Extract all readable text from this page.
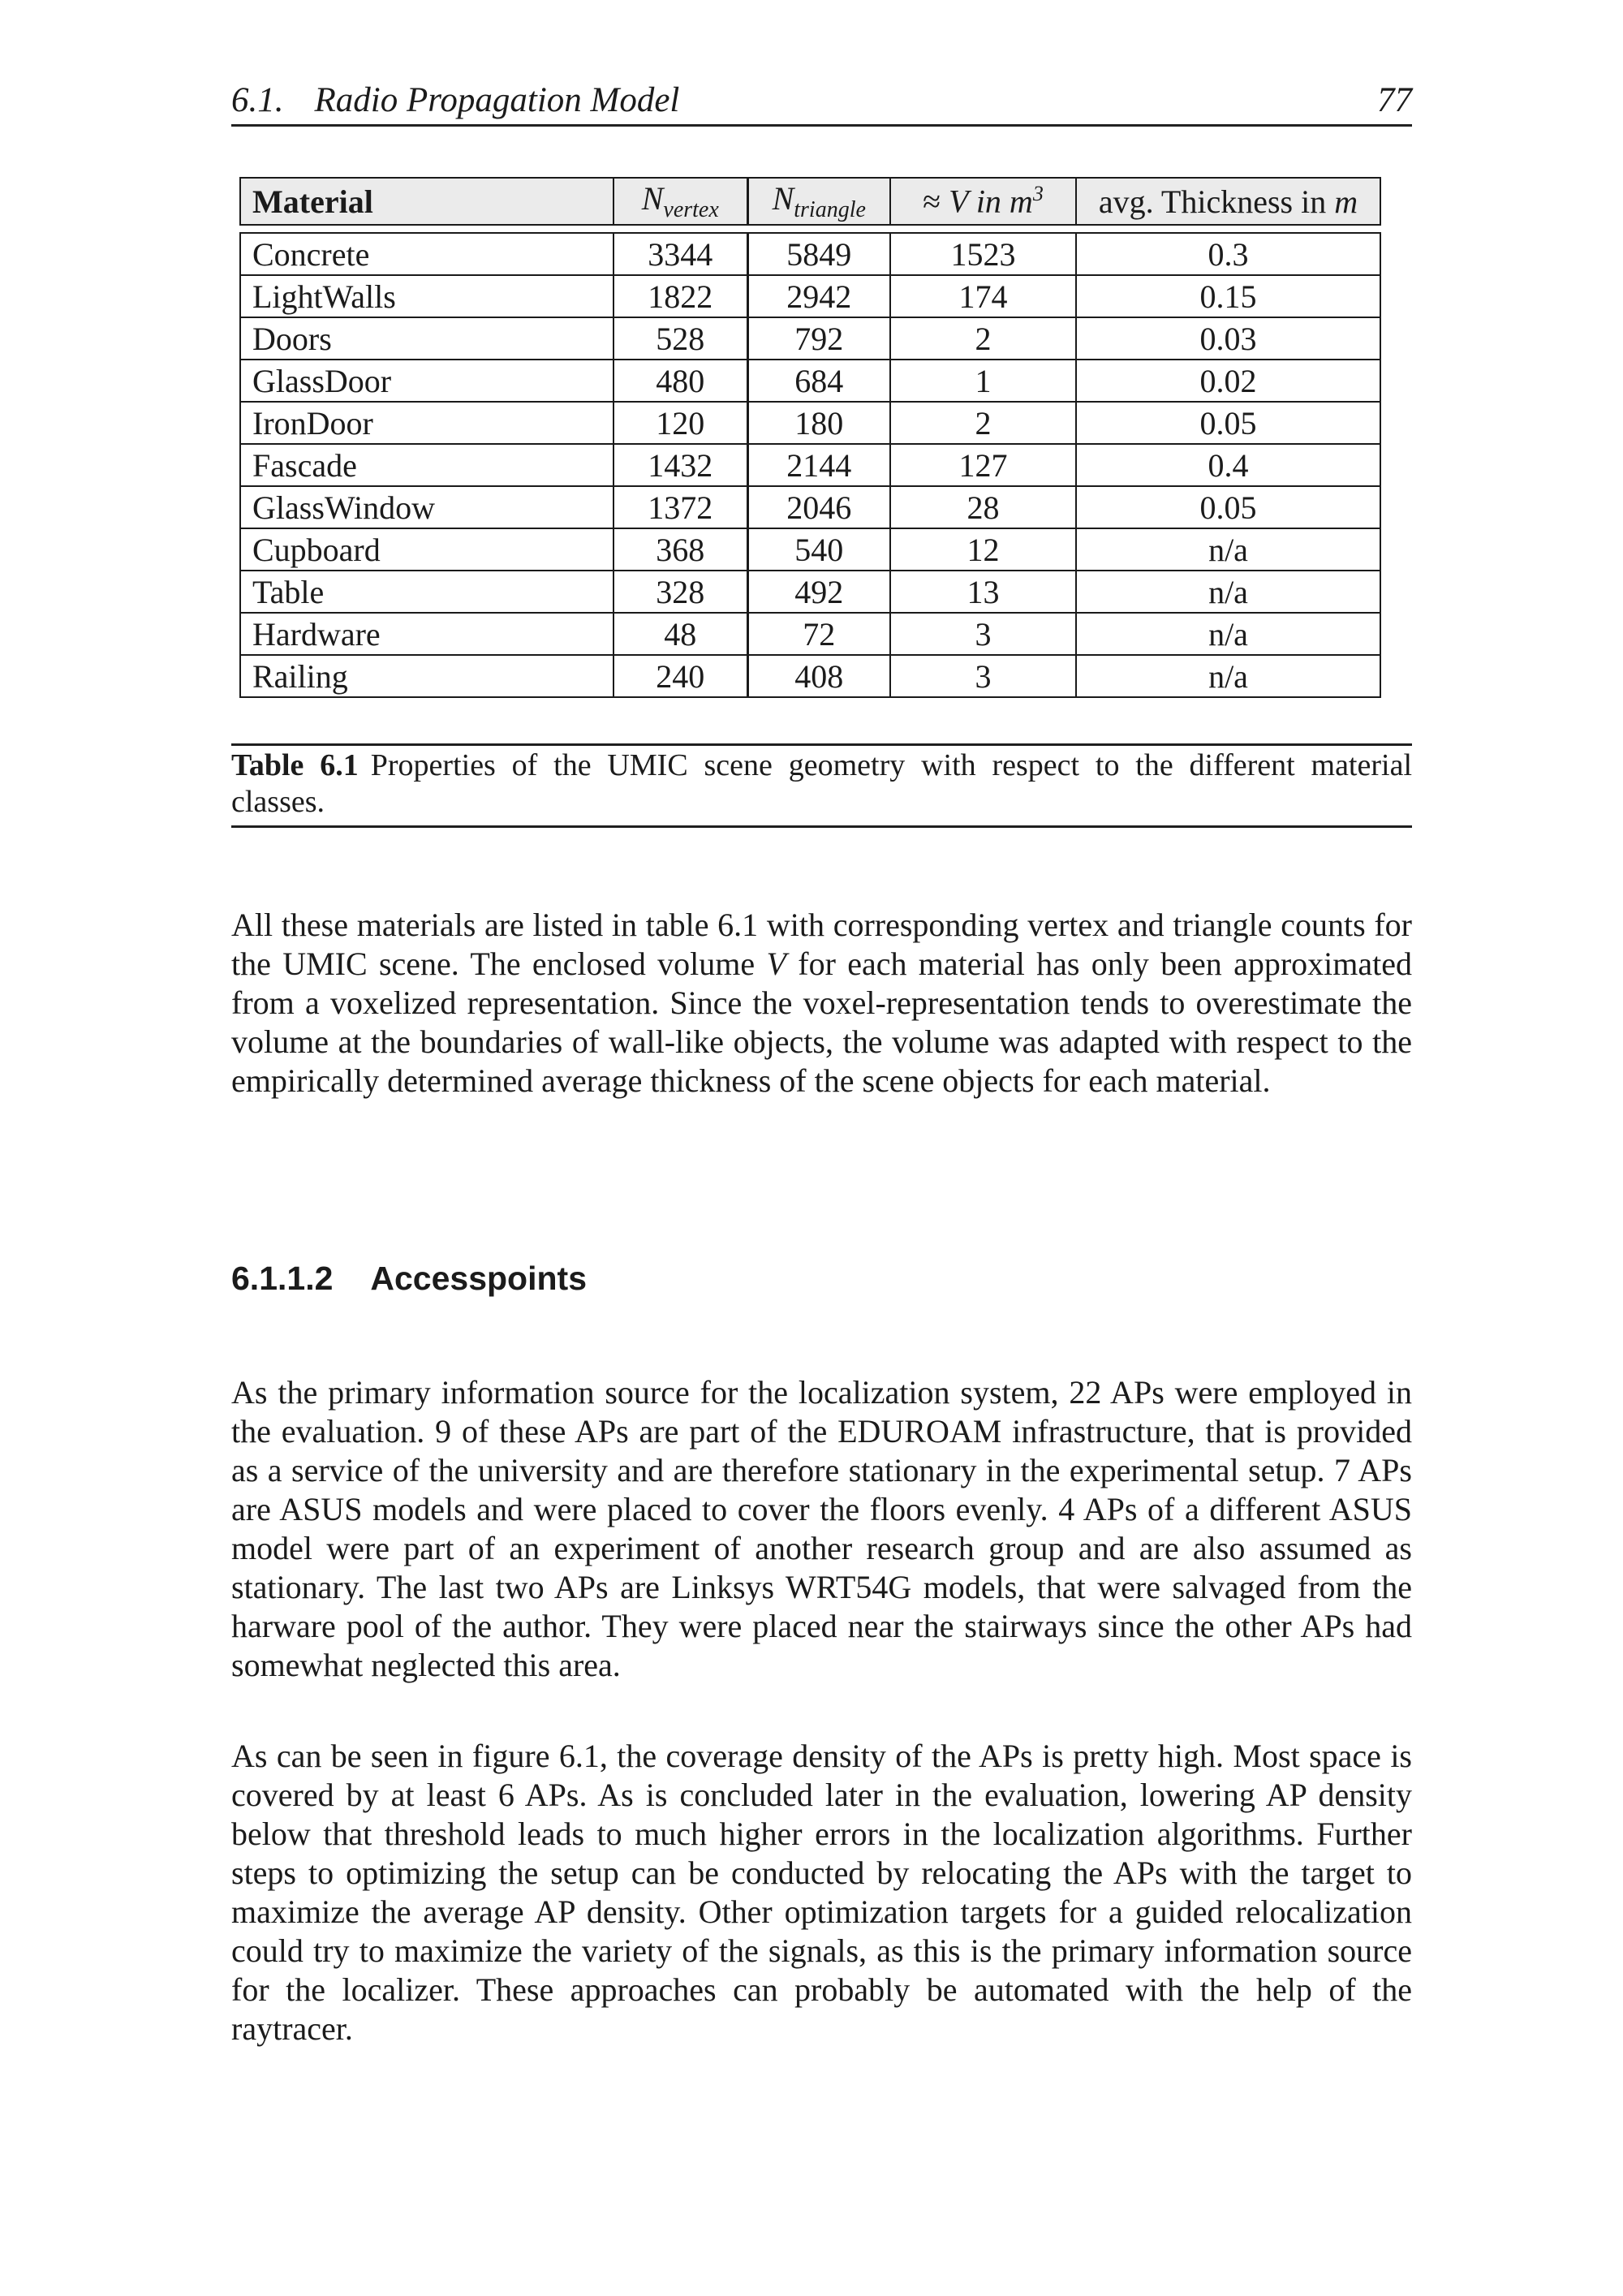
6.1. Radio Propagation Model	77
Material	$N_{vertex}$	$N_{triangle}$	≈ V in $m^3$	avg. Thickness in m
Concrete	3344	5849	1523	0.3
LightWalls	1822	2942	174	0.15
Doors	528	792	2	0.03
GlassDoor	480	684	1	0.02
IronDoor	120	180	2	0.05
Fascade	1432	2144	127	0.4
GlassWindow	1372	2046	28	0.05
Cupboard	368	540	12	n/a
Table	328	492	13	n/a
Hardware	48	72	3	n/a
Railing	240	408	3	n/a
Table 6.1 Properties of the UMIC scene geometry with respect to the different material classes.

All these materials are listed in table 6.1 with corresponding vertex and triangle counts for the UMIC scene. The enclosed volume V for each material has only been approximated from a voxelized representation. Since the voxel-representation tends to overestimate the volume at the boundaries of wall-like objects, the volume was adapted with respect to the empirically determined average thickness of the scene objects for each material.

6.1.1.2 Accesspoints

As the primary information source for the localization system, 22 APs were employed in the evaluation. 9 of these APs are part of the EDUROAM infrastructure, that is provided as a service of the university and are therefore stationary in the experimental setup. 7 APs are ASUS models and were placed to cover the floors evenly. 4 APs of a different ASUS model were part of an experiment of another research group and are also assumed as stationary. The last two APs are Linksys WRT54G models, that were salvaged from the harware pool of the author. They were placed near the stairways since the other APs had somewhat neglected this area.

As can be seen in figure 6.1, the coverage density of the APs is pretty high. Most space is covered by at least 6 APs. As is concluded later in the evaluation, lowering AP density below that threshold leads to much higher errors in the localization algorithms. Further steps to optimizing the setup can be conducted by relocating the APs with the target to maximize the average AP density. Other optimization targets for a guided relocalization could try to maximize the variety of the signals, as this is the primary information source for the localizer. These approaches can probably be automated with the help of the raytracer.
